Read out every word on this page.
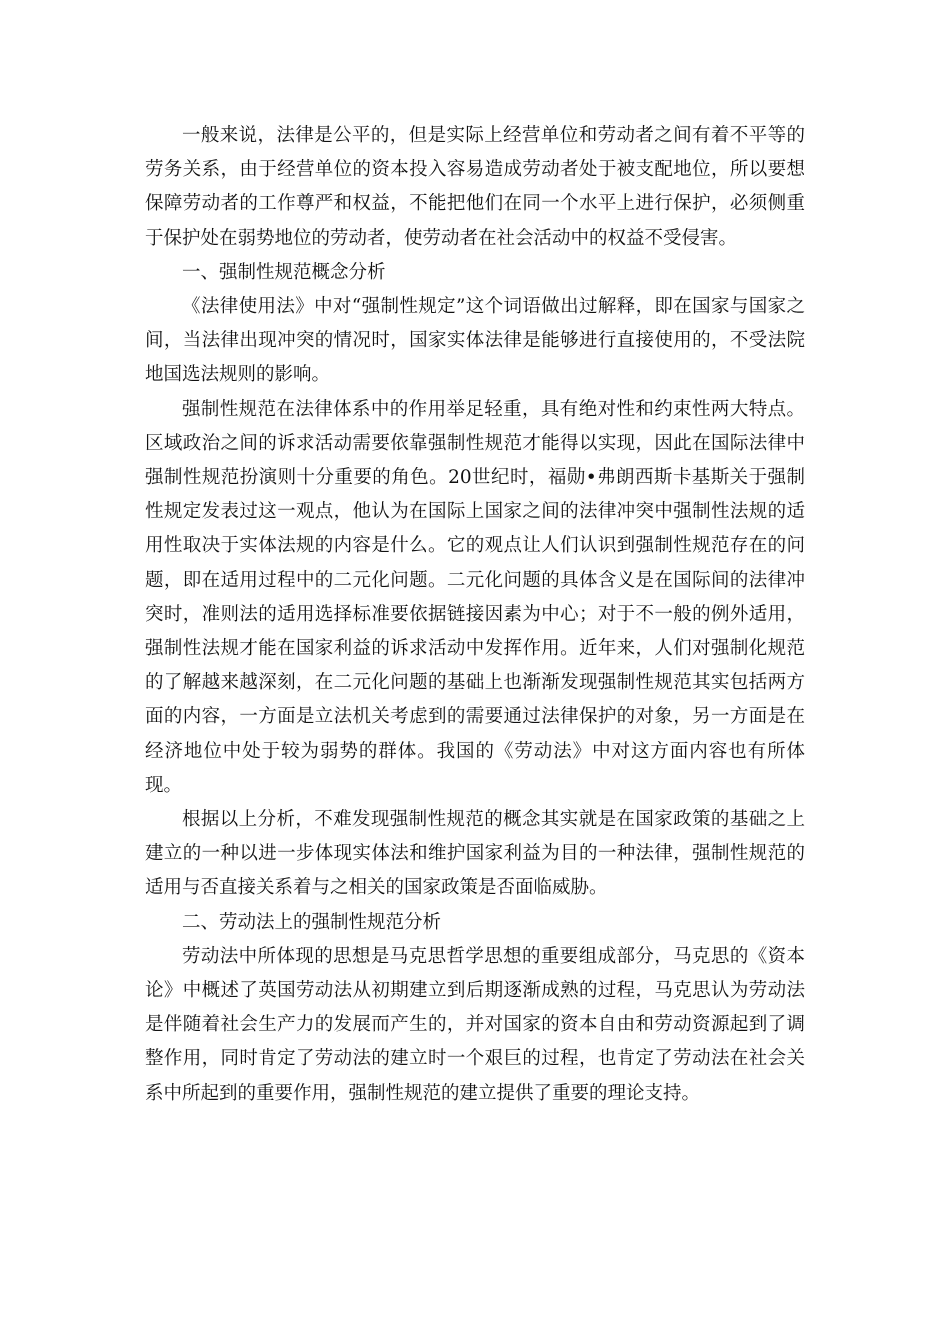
一般来说，法律是公平的，但是实际上经营单位和劳动者之间有着不平等的劳务关系，由于经营单位的资本投入容易造成劳动者处于被支配地位，所以要想保障劳动者的工作尊严和权益，不能把他们在同一个水平上进行保护，必须侧重于保护处在弱势地位的劳动者，使劳动者在社会活动中的权益不受侵害。

一、强制性规范概念分析

《法律使用法》中对“强制性规定”这个词语做出过解释，即在国家与国家之间，当法律出现冲突的情况时，国家实体法律是能够进行直接使用的，不受法院地国选法规则的影响。

强制性规范在法律体系中的作用举足轻重，具有绝对性和约束性两大特点。区域政治之间的诉求活动需要依靠强制性规范才能得以实现，因此在国际法律中强制性规范扮演则十分重要的角色。20世纪时，福勋•弗朗西斯卡基斯关于强制性规定发表过这一观点，他认为在国际上国家之间的法律冲突中强制性法规的适用性取决于实体法规的内容是什么。它的观点让人们认识到强制性规范存在的问题，即在适用过程中的二元化问题。二元化问题的具体含义是在国际间的法律冲突时，准则法的适用选择标准要依据链接因素为中心；对于不一般的例外适用，强制性法规才能在国家利益的诉求活动中发挥作用。近年来，人们对强制化规范的了解越来越深刻，在二元化问题的基础上也渐渐发现强制性规范其实包括两方面的内容，一方面是立法机关考虑到的需要通过法律保护的对象，另一方面是在经济地位中处于较为弱势的群体。我国的《劳动法》中对这方面内容也有所体现。

根据以上分析，不难发现强制性规范的概念其实就是在国家政策的基础之上建立的一种以进一步体现实体法和维护国家利益为目的一种法律，强制性规范的适用与否直接关系着与之相关的国家政策是否面临威胁。

二、劳动法上的强制性规范分析

劳动法中所体现的思想是马克思哲学思想的重要组成部分，马克思的《资本论》中概述了英国劳动法从初期建立到后期逐渐成熟的过程，马克思认为劳动法是伴随着社会生产力的发展而产生的，并对国家的资本自由和劳动资源起到了调整作用，同时肯定了劳动法的建立时一个艰巨的过程，也肯定了劳动法在社会关系中所起到的重要作用，强制性规范的建立提供了重要的理论支持。
